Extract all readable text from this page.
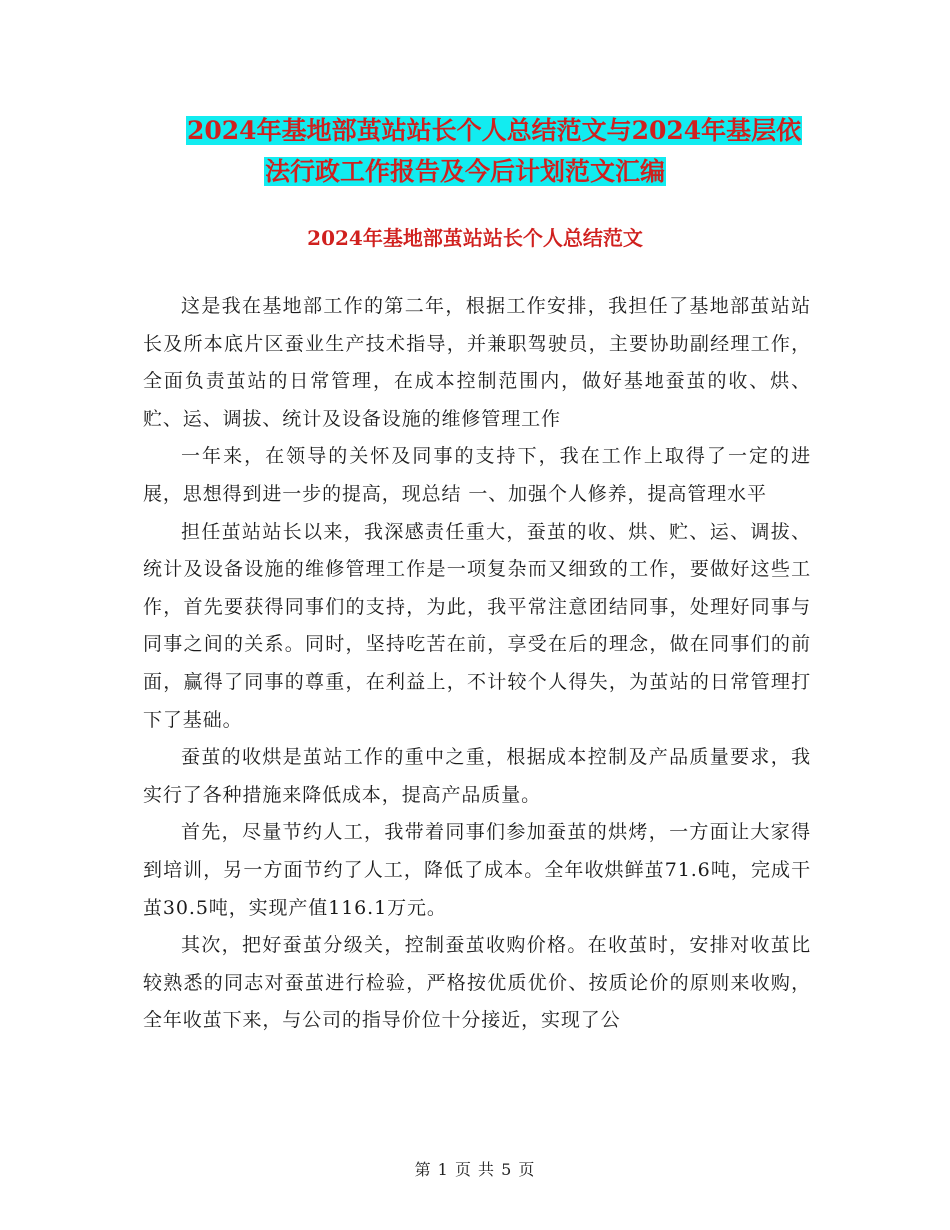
2024年基地部茧站站长个人总结范文与2024年基层依
法行政工作报告及今后计划范文汇编
2024年基地部茧站站长个人总结范文

这是我在基地部工作的第二年，根据工作安排，我担任了基地部茧站站长及所本底片区蚕业生产技术指导，并兼职驾驶员，主要协助副经理工作，全面负责茧站的日常管理，在成本控制范围内，做好基地蚕茧的收、烘、贮、运、调拔、统计及设备设施的维修管理工作

一年来，在领导的关怀及同事的支持下，我在工作上取得了一定的进展，思想得到进一步的提高，现总结 一、加强个人修养，提高管理水平

担任茧站站长以来，我深感责任重大，蚕茧的收、烘、贮、运、调拔、统计及设备设施的维修管理工作是一项复杂而又细致的工作，要做好这些工作，首先要获得同事们的支持，为此，我平常注意团结同事，处理好同事与同事之间的关系。同时，坚持吃苦在前，享受在后的理念，做在同事们的前面，赢得了同事的尊重，在利益上，不计较个人得失，为茧站的日常管理打下了基础。

蚕茧的收烘是茧站工作的重中之重，根据成本控制及产品质量要求，我实行了各种措施来降低成本，提高产品质量。

首先，尽量节约人工，我带着同事们参加蚕茧的烘烤，一方面让大家得到培训，另一方面节约了人工，降低了成本。全年收烘鲜茧71.6吨，完成干茧30.5吨，实现产值116.1万元。

其次，把好蚕茧分级关，控制蚕茧收购价格。在收茧时，安排对收茧比较熟悉的同志对蚕茧进行检验，严格按优质优价、按质论价的原则来收购，全年收茧下来，与公司的指导价位十分接近，实现了公

第 1 页 共 5 页
